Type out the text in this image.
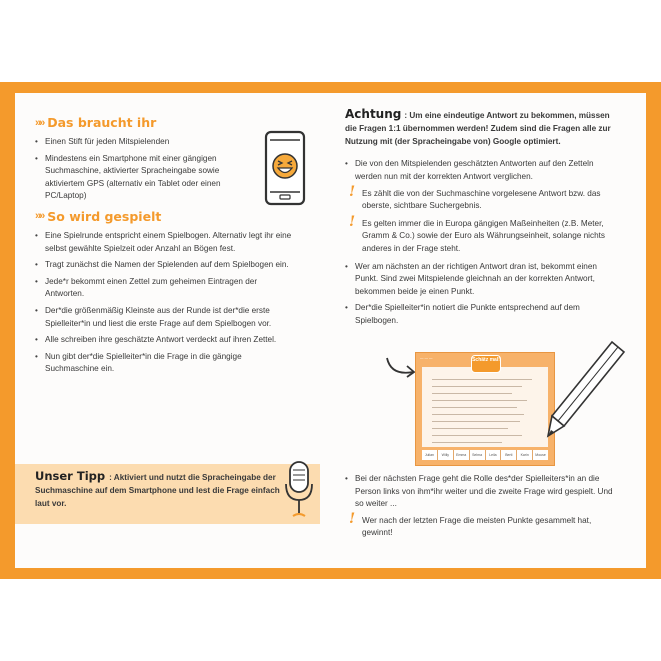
»» Das braucht ihr
• Einen Stift für jeden Mitspielenden
• Mindestens ein Smartphone mit einer gängigen Suchmaschine, aktivierter Spracheingabe sowie aktiviertem GPS (alternativ ein Tablet oder einen PC/Laptop)
»» So wird gespielt
• Eine Spielrunde entspricht einem Spielbogen. Alternativ legt ihr eine selbst gewählte Spielzeit oder Anzahl an Bögen fest.
• Tragt zunächst die Namen der Spielenden auf dem Spielbogen ein.
• Jede*r bekommt einen Zettel zum geheimen Eintragen der Antworten.
• Der*die größenmäßig Kleinste aus der Runde ist der*die erste Spielleiter*in und liest die erste Frage auf dem Spielbogen vor.
• Alle schreiben ihre geschätzte Antwort verdeckt auf ihren Zettel.
• Nun gibt der*die Spielleiter*in die Frage in die gängige Suchmaschine ein.
Unser Tipp : Aktiviert und nutzt die Spracheingabe der Suchmaschine auf dem Smartphone und lest die Frage einfach laut vor.
Achtung : Um eine eindeutige Antwort zu bekommen, müssen die Fragen 1:1 übernommen werden! Zudem sind die Fragen alle zur Nutzung mit (der Spracheingabe von) Google optimiert.
• Die von den Mitspielenden geschätzten Antworten auf den Zetteln werden nun mit der korrekten Antwort verglichen.
! Es zählt die von der Suchmaschine vorgelesene Antwort bzw. das oberste, sichtbare Suchergebnis.
! Es gelten immer die in Europa gängigen Maßeinheiten (z.B. Meter, Gramm & Co.) sowie der Euro als Währungseinheit, solange nichts anderes in der Frage steht.
• Wer am nächsten an der richtigen Antwort dran ist, bekommt einen Punkt. Sind zwei Mitspielende gleichnah an der korrekten Antwort, bekommen beide je einen Punkt.
• Der*die Spielleiter*in notiert die Punkte entsprechend auf dem Spielbogen.
— — —	Schätz mal!
Julian	Willy	Emma	Selma	Leila	Berti	Karin	Mouse
• Bei der nächsten Frage geht die Rolle des*der Spielleiters*in an die Person links von ihm*ihr weiter und die zweite Frage wird gespielt. Und so weiter ...
! Wer nach der letzten Frage die meisten Punkte gesammelt hat, gewinnt!
